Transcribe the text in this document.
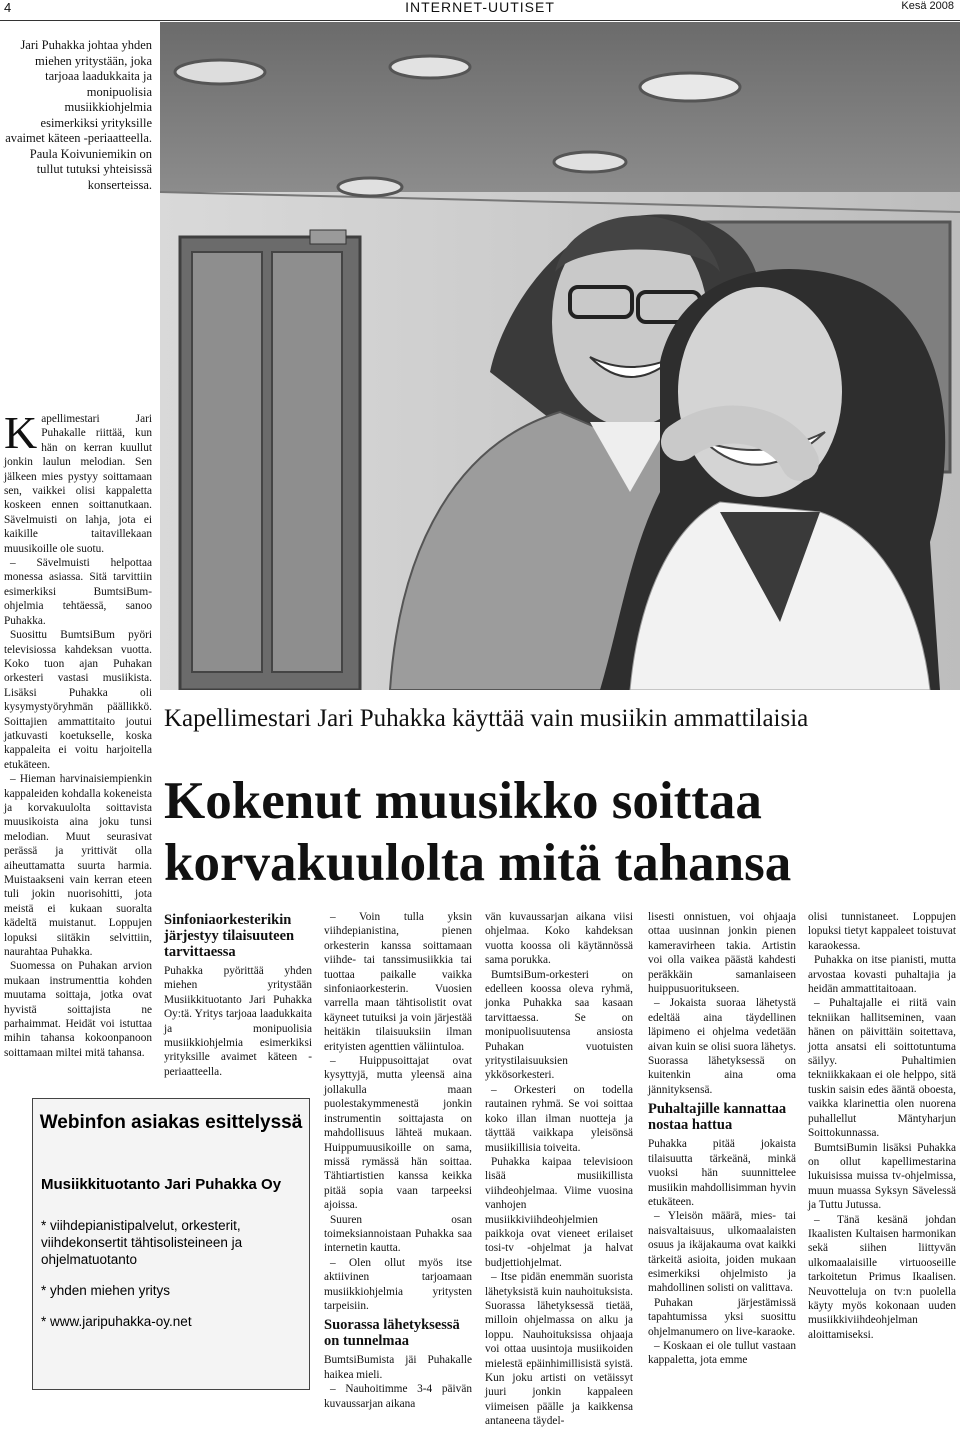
4	INTERNET-UUTISET	Kesä 2008
Jari Puhakka johtaa yhden miehen yritystään, joka tarjoaa laadukkaita ja monipuolisia musiikkiohjelmia esimerkiksi yrityksille avaimet käteen -periaatteella. Paula Koivuniemikin on tullut tutuksi yhteisissä konserteissa.
Kapellimestari Jari Puhakka käyttää vain musiikin ammattilaisia
Kokenut muusikko soittaa
korvakuulolta mitä tahansa

Kapellimestari Jari Puhakalle riittää, kun hän on kerran kuullut jonkin laulun melodian. Sen jälkeen mies pystyy soittamaan sen, vaikkei olisi kappaletta koskeen ennen soittanutkaan. Sävelmuisti on lahja, jota ei kaikille taitavillekaan muusikoille ole suotu.

– Sävelmuisti helpottaa monessa asiassa. Sitä tarvittiin esimerkiksi BumtsiBum-ohjelmia tehtäessä, sanoo Puhakka.

Suosittu BumtsiBum pyöri televisiossa kahdeksan vuotta. Koko tuon ajan Puhakan orkesteri vastasi musiikista. Lisäksi Puhakka oli kysymystyöryhmän päällikkö. Soittajien ammattitaito joutui jatkuvasti koetukselle, koska kappaleita ei voitu harjoitella etukäteen.

– Hieman harvinaisiempienkin kappaleiden kohdalla kokeneista ja korvakuulolta soittavista muusikoista aina joku tunsi melodian. Muut seurasivat perässä ja yrittivät olla aiheuttamatta suurta harmia. Muistaakseni vain kerran eteen tuli jokin nuorisohitti, jota meistä ei kukaan suoralta kädeltä muistanut. Loppujen lopuksi siitäkin selvittiin, naurahtaa Puhakka.

Suomessa on Puhakan arvion mukaan instrumenttia kohden muutama soittaja, jotka ovat hyvistä soittajista ne parhaimmat. Heidät voi istuttaa mihin tahansa kokoonpanoon soittamaan miltei mitä tahansa.

Sinfoniaorkesterikin järjestyy tilaisuuteen tarvittaessa

Puhakka pyörittää yhden miehen yritystään Musiikkituotanto Jari Puhakka Oy:tä. Yritys tarjoaa laadukkaita ja monipuolisia musiikkiohjelmia esimerkiksi yrityksille avaimet käteen -periaatteella.

– Voin tulla yksin viihdepianistina, pienen orkesterin kanssa soittamaan viihde- tai tanssimusiikkia tai tuottaa paikalle vaikka sinfoniaorkesterin. Vuosien varrella maan tähtisolistit ovat käyneet tutuiksi ja voin järjestää heitäkin tilaisuuksiin ilman erityisten agenttien väliintuloa.

– Huippusoittajat ovat kysyttyjä, mutta yleensä aina jollakulla maan puolestakymmenestä jonkin instrumentin soittajasta on mahdollisuus lähteä mukaan. Huippumuusikoille on sama, missä rymässä hän soittaa. Tähtiartistien kanssa keikka pitää sopia vaan tarpeeksi ajoissa.

Suuren osan toimeksiannoistaan Puhakka saa internetin kautta.

– Olen ollut myös itse aktiivinen tarjoamaan musiikkiohjelmia yritysten tarpeisiin.

Suorassa lähetyksessä on tunnelmaa

BumtsiBumista jäi Puhakalle haikea mieli.

– Nauhoitimme 3-4 päivän kuvaussarjan aikana

vän kuvaussarjan aikana viisi ohjelmaa. Koko kahdeksan vuotta koossa oli käytännössä sama porukka.

BumtsiBum-orkesteri on edelleen koossa oleva ryhmä, jonka Puhakka saa kasaan tarvittaessa. Se on monipuolisuutensa ansiosta Puhakan vuotuisten yritystilaisuuksien ykkösorkesteri.

– Orkesteri on todella rautainen ryhmä. Se voi soittaa koko illan ilman nuotteja ja täyttää vaikkapa yleisönsä musiikillisia toiveita.

Puhakka kaipaa televisioon lisää musiikillista viihdeohjelmaa. Viime vuosina vanhojen musiikkiviihdeohjelmien paikkoja ovat vieneet erilaiset tosi-tv -ohjelmat ja halvat budjettiohjelmat.

– Itse pidän enemmän suorista lähetyksistä kuin nauhoituksista. Suorassa lähetyksessä tietää, milloin ohjelmassa on alku ja loppu. Nauhoituksissa ohjaaja voi ottaa uusintoja musiikoiden mielestä epäinhimillisistä syistä. Kun joku artisti on vetäissyt juuri jonkin kappaleen viimeisen päälle ja kaikkensa antaneena täydel-

lisesti onnistuen, voi ohjaaja ottaa uusinnan jonkin pienen kameravirheen takia. Artistin voi olla vaikea päästä kahdesti peräkkäin samanlaiseen huippusuoritukseen.

– Jokaista suoraa lähetystä edeltää aina täydellinen läpimeno ei ohjelma vedetään aivan kuin se olisi suora lähetys. Suorassa lähetyksessä on kuitenkin aina oma jännityksensä.

Puhaltajille kannattaa nostaa hattua

Puhakka pitää jokaista tilaisuutta tärkeänä, minkä vuoksi hän suunnittelee musiikin mahdollisimman hyvin etukäteen.

– Yleisön määrä, mies- tai naisvaltaisuus, ulkomaalaisten osuus ja ikäjakauma ovat kaikki tärkeitä asioita, joiden mukaan esimerkiksi ohjelmisto ja mahdollinen solisti on valittava.

Puhakan järjestämissä tapahtumissa yksi suosittu ohjelmanumero on live-karaoke.

– Koskaan ei ole tullut vastaan kappaletta, jota emme

olisi tunnistaneet. Loppujen lopuksi tietyt kappaleet toistuvat karaokessa.

Puhakka on itse pianisti, mutta arvostaa kovasti puhaltajia ja heidän ammattitaitoaan.

– Puhaltajalle ei riitä vain tekniikan hallitseminen, vaan hänen on päivittäin soitettava, jotta ansatsi eli soittotuntuma säilyy. Puhaltimien tekniikkakaan ei ole helppo, sitä tuskin saisin edes ääntä oboesta, vaikka klarinettia olen nuorena puhallellut Mäntyharjun Soittokunnassa.

BumtsiBumin lisäksi Puhakka on ollut kapellimestarina lukuisissa muissa tv-ohjelmissa, muun muassa Syksyn Sävelessä ja Tuttu Jutussa.

– Tänä kesänä johdan Ikaalisten Kultaisen harmonikan sekä siihen liittyvän ulkomaalaisille virtuooseille tarkoitetun Primus Ikaalisen. Neuvotteluja on tv:n puolella käyty myös kokonaan uuden musiikkiviihdeohjelman aloittamiseksi.

Webinfon asiakas esittelyssä
Musiikkituotanto Jari Puhakka Oy
* viihdepianistipalvelut, orkesterit, viihdekonsertit tähtisolisteineen ja ohjelmatuotanto
* yhden miehen yritys
* www.jaripuhakka-oy.net
